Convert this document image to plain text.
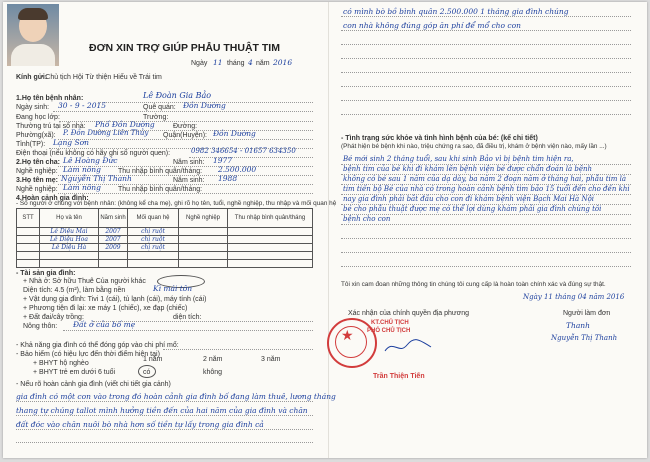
ĐƠN XIN TRỢ GIÚP PHẪU THUẬT TIM
Ngày 11 tháng 4 năm 2016
Kính gửi:
- Chủ tịch Hội Từ thiện Hiếu về Trái tim
1.Họ tên bệnh nhân:	Lê Đoàn Gia Bảo
Ngày sinh: 30 - 9 - 2015	Quê quán: Đồn Dường
Đang học lớp:	Trường:
Thường trú tại số nhà: Phố Đồn Dường	Đường:
Phường(xã): P. Đồn Dường Liên Thủy Quận(Huyện): Đồn Dường
Tỉnh(TP): Lạng Sơn
Điện thoại (nếu không có hãy ghi số người quen):	0982 346654 - 01657 634350
2.Họ tên cha: Lê Hoàng Đức	Năm sinh: 1977
Nghề nghiệp: Làm nông Thu nhập bình quân/tháng: 2.500.000
3.Họ tên mẹ: Nguyễn Thị Thanh	Năm sinh: 1988
Nghề nghiệp: Làm nông Thu nhập bình quân/tháng:
4.Hoàn cảnh gia đình:
- Số người ở chung với bệnh nhân: (không kể cha mẹ), ghi rõ họ tên, tuổi, nghề nghiệp, thu nhập và mối quan hệ
STT	Họ và tên	Năm sinh	Mối quan hệ	Nghề nghiệp	Thu nhập bình quân/tháng
	Lê Diệu Mai	2007	chị ruột		
	Lê Diệu Hoa	2007	chị ruột		
	Lê Diệu Hà	2009	chị ruột		

- Tài sản gia đình:
+ Nhà ở: Sở hữu Thuê Của người khác
Diện tích: 4.5 (m²), làm bằng nền	Kì mái tôn
+ Vật dụng gia đình: Tivi 1 (cái), tủ lạnh (cái), máy tính (cái)
+ Phương tiện đi lại: xe máy 1 (chiếc), xe đạp (chiếc)
+ Đất đai/cây trồng:	diện tích:
Nông thôn: Đất ở của bố mẹ
- Khả năng gia đình có thể đóng góp vào chi phí mổ:
- Bảo hiểm (có hiệu lực đến thời điểm hiện tại)
+ BHYT hộ nghèo
1 năm	2 năm	3 năm
+ BHYT trẻ em dưới 6 tuổi	có	không
- Nếu rõ hoàn cảnh gia đình (viết chi tiết gia cảnh)
gia đình có một con vào trong đó hoàn cảnh gia đình bố đang làm thuê, lương tháng
thang tự chúng tallot mình hưởng tiền đến của hai năm của gia đình và chăn
đất đóc vào chăn nuôi bò nhà hơn số tiền tự lấy trong gia đình cả
có mình bò bồ bình quân 2.500.000 1 tháng gia đình chúng
con nhà không đúng góp ăn phí để mổ cho con
- Tình trạng sức khỏe và tình hình bệnh của bé: (kể chi tiết)
(Phát hiện bé bệnh khi nào, triệu chứng ra sao, đã điều trị, khám ở bệnh viện nào, mấy lần ...)
Bé mới sinh 2 tháng tuổi, sau khi sinh Bảo vì bị bệnh tim hiện ra,
bệnh tim của bé khi đi khám lên bệnh viện bé được chẩn đoán là bệnh
không có bé sau 1 năm của dạ dày, ba năm 2 đoạn năm ở tháng hai, phẫu tim là
tim tiến bộ Bé của nhà có trong hoàn cảnh bệnh tim bảo 15 tuổi đến cho đến khi
nay gia đình phải bắt đầu cho con đi khám bệnh viện Bạch Mai Hà Nội
bé cho phẫu thuật được mẹ có thể lợi dùng khám phải gia đình chúng tôi
bệnh cho con
Tôi xin cam đoan những thông tin chúng tôi cung cấp là hoàn toàn chính xác và đúng sự thật.
Ngày 11 tháng 04 năm 2016
Xác nhận của chính quyền địa phương
★
KT.CHỦ TỊCH
PHÓ CHỦ TỊCH
Trần Thiện Tiến
Người làm đơn
Thanh
Nguyễn Thị Thanh
